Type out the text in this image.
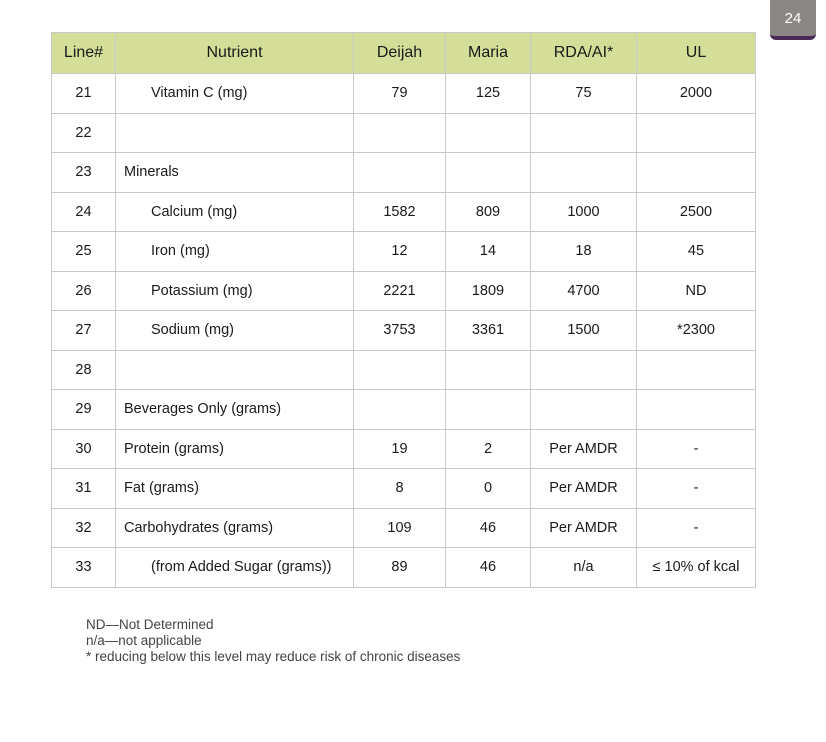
24
Line#	Nutrient	Deijah	Maria	RDA/AI*	UL
21	Vitamin C (mg)	79	125	75	2000
22					
23	Minerals				
24	Calcium (mg)	1582	809	1000	2500
25	Iron (mg)	12	14	18	45
26	Potassium (mg)	2221	1809	4700	ND
27	Sodium (mg)	3753	3361	1500	*2300
28					
29	Beverages Only (grams)				
30	Protein (grams)	19	2	Per AMDR	-
31	Fat (grams)	8	0	Per AMDR	-
32	Carbohydrates (grams)	109	46	Per AMDR	-
33	(from Added Sugar (grams))	89	46	n/a	≤ 10% of kcal
ND—Not Determined
n/a—not applicable
* reducing below this level may reduce risk of chronic diseases
